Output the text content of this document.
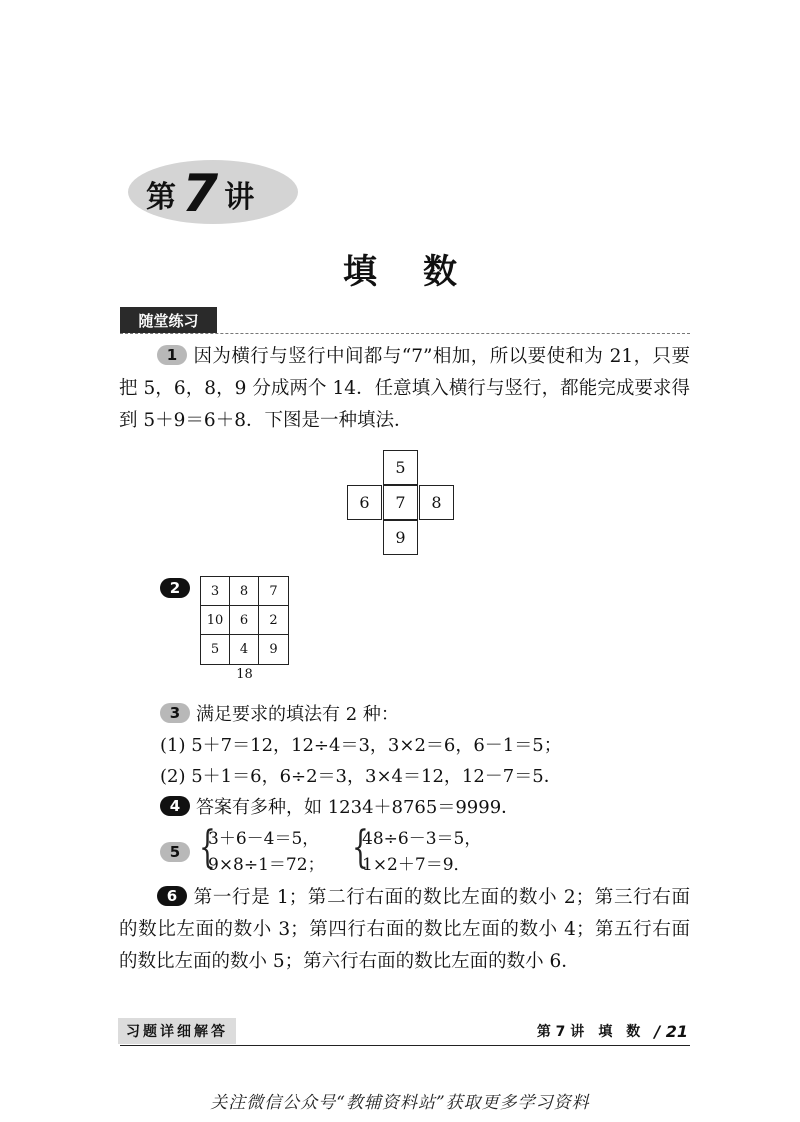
第 7 讲
填数
随堂练习

1 因为横行与竖行中间都与“7”相加，所以要使和为 21，只要把 5，6，8，9 分成两个 14．任意填入横行与竖行，都能完成要求得到 5＋9＝6＋8．下图是一种填法．

5
6	7	8
9
2	3	8	7
10	6	2
5	4	9
18
3 满足要求的填法有 2 种：
(1) 5＋7＝12，12÷4＝3，3×2＝6，6－1＝5；
(2) 5＋1＝6，6÷2＝3，3×4＝12，12－7＝5．
4 答案有多种，如 1234＋8765＝9999．
5 {
3＋6－4＝5，
9×8÷1＝72； {
48÷6－3＝5，
1×2＋7＝9．

6 第一行是 1；第二行右面的数比左面的数小 2；第三行右面的数比左面的数小 3；第四行右面的数比左面的数小 4；第五行右面的数比左面的数小 5；第六行右面的数比左面的数小 6．

习题详细解答	第 7 讲 填　数 / 21
关注微信公众号“教辅资料站”获取更多学习资料
